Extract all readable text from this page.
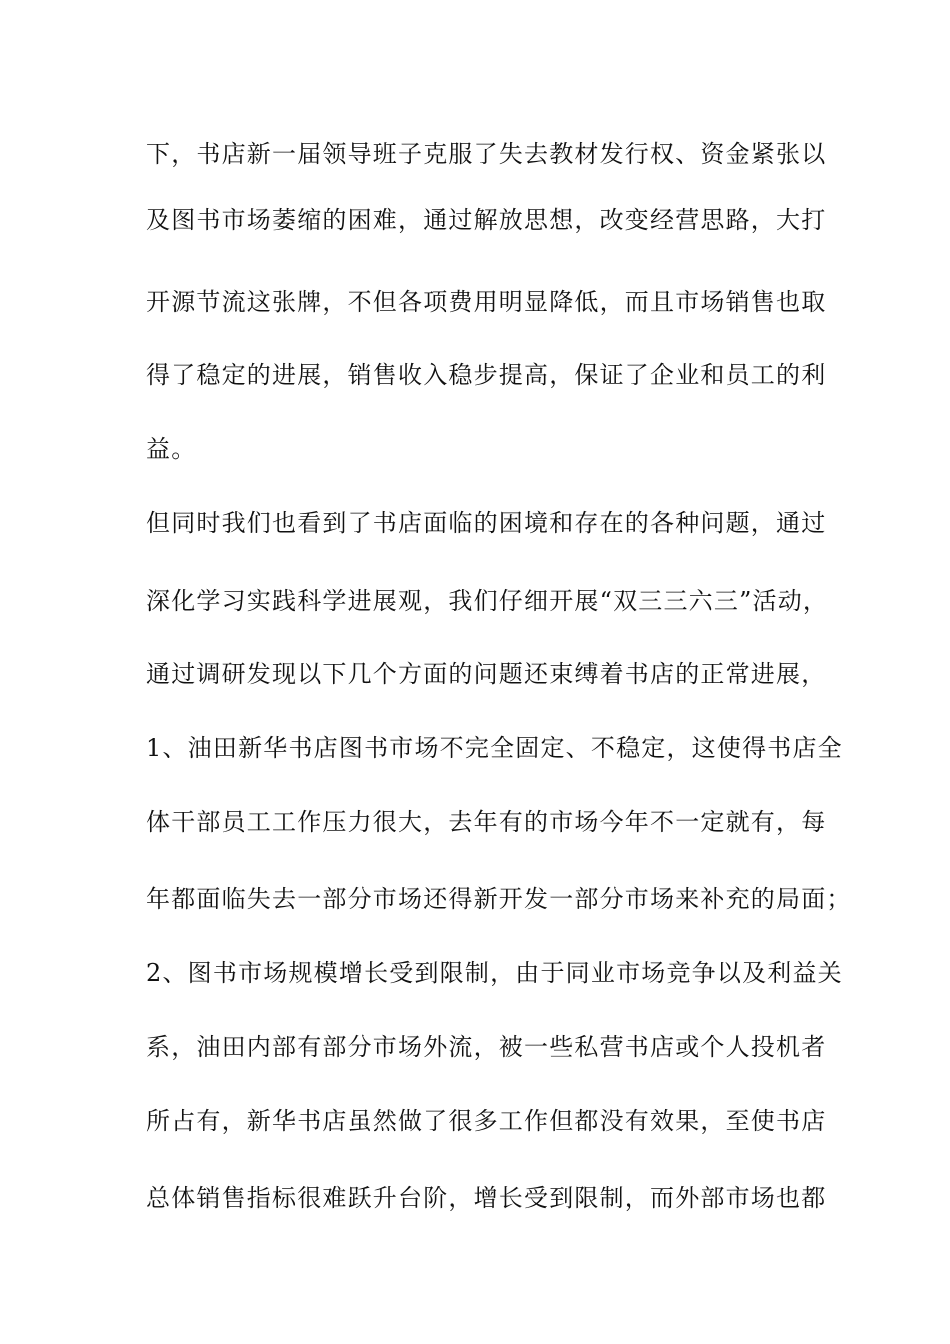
下，书店新一届领导班子克服了失去教材发行权、资金紧张以
及图书市场萎缩的困难，通过解放思想，改变经营思路，大打
开源节流这张牌，不但各项费用明显降低，而且市场销售也取
得了稳定的进展，销售收入稳步提高，保证了企业和员工的利
益。
但同时我们也看到了书店面临的困境和存在的各种问题，通过
深化学习实践科学进展观，我们仔细开展“双三三六三”活动，
通过调研发现以下几个方面的问题还束缚着书店的正常进展，
1、油田新华书店图书市场不完全固定、不稳定，这使得书店全
体干部员工工作压力很大，去年有的市场今年不一定就有，每
年都面临失去一部分市场还得新开发一部分市场来补充的局面；
2、图书市场规模增长受到限制，由于同业市场竞争以及利益关
系，油田内部有部分市场外流，被一些私营书店或个人投机者
所占有，新华书店虽然做了很多工作但都没有效果，至使书店
总体销售指标很难跃升台阶，增长受到限制，而外部市场也都
